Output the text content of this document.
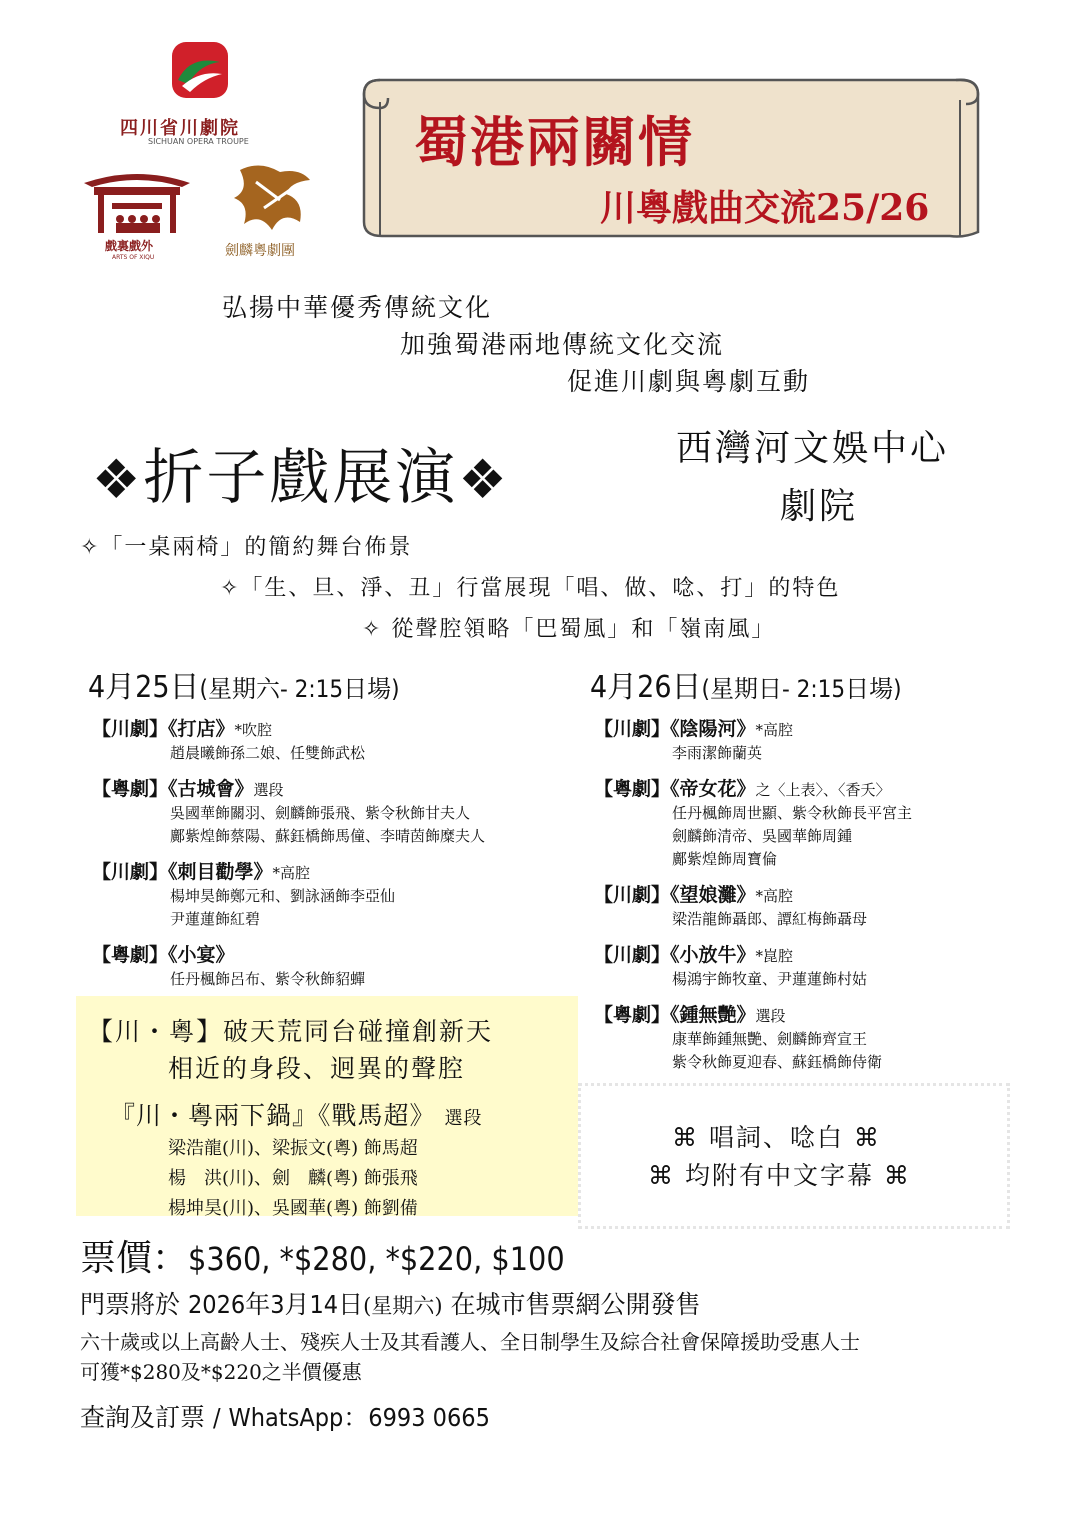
四川省川劇院
SICHUAN OPERA TROUPE
戲裏戲外
ARTS OF XIQU	劍麟粵劇團
蜀港兩關情
川粵戲曲交流25/26
弘揚中華優秀傳統文化
加強蜀港兩地傳統文化交流
促進川劇與粵劇互動
❖折子戲展演❖	西灣河文娛中心
劇院
✧「一桌兩椅」的簡約舞台佈景
✧「生、旦、淨、丑」行當展現「唱、做、唸、打」的特色
✧ 從聲腔領略「巴蜀風」和「嶺南風」
4月25日(星期六- 2:15日場)	4月26日(星期日- 2:15日場)
【川劇】《打店》*吹腔
趙晨曦飾孫二娘、任雙飾武松
【粵劇】《古城會》選段
吳國華飾關羽、劍麟飾張飛、紫令秋飾甘夫人
鄺紫煌飾蔡陽、蘇鈺橋飾馬僮、李晴茵飾糜夫人
【川劇】《刺目勸學》*高腔
楊坤昊飾鄭元和、劉詠涵飾李亞仙
尹蓮蓮飾紅碧
【粵劇】《小宴》
任丹楓飾呂布、紫令秋飾貂蟬
【川劇】《陰陽河》*高腔
李雨潔飾蘭英
【粵劇】《帝女花》之〈上表〉、〈香夭〉
任丹楓飾周世顯、紫令秋飾長平宮主
劍麟飾清帝、吳國華飾周鍾
鄺紫煌飾周寶倫
【川劇】《望娘灘》*高腔
梁浩龍飾聶郎、譚紅梅飾聶母
【川劇】《小放牛》*崑腔
楊鴻宇飾牧童、尹蓮蓮飾村姑
【粵劇】《鍾無艷》選段
康華飾鍾無艷、劍麟飾齊宣王
紫令秋飾夏迎春、蘇鈺橋飾侍衛
【川・粵】破天荒同台碰撞創新天
相近的身段、迥異的聲腔
『川・粵兩下鍋』《戰馬超》 選段
梁浩龍(川)、梁振文(粵) 飾馬超
楊　洪(川)、劍　麟(粵) 飾張飛
楊坤昊(川)、吳國華(粵) 飾劉備
⌘ 唱詞、唸白 ⌘
⌘ 均附有中文字幕 ⌘
票價：$360, *$280, *$220, $100
門票將於 2026年3月14日(星期六) 在城市售票網公開發售
六十歲或以上高齡人士、殘疾人士及其看護人、全日制學生及綜合社會保障援助受惠人士
可獲*$280及*$220之半價優惠
查詢及訂票 / WhatsApp：6993 0665
